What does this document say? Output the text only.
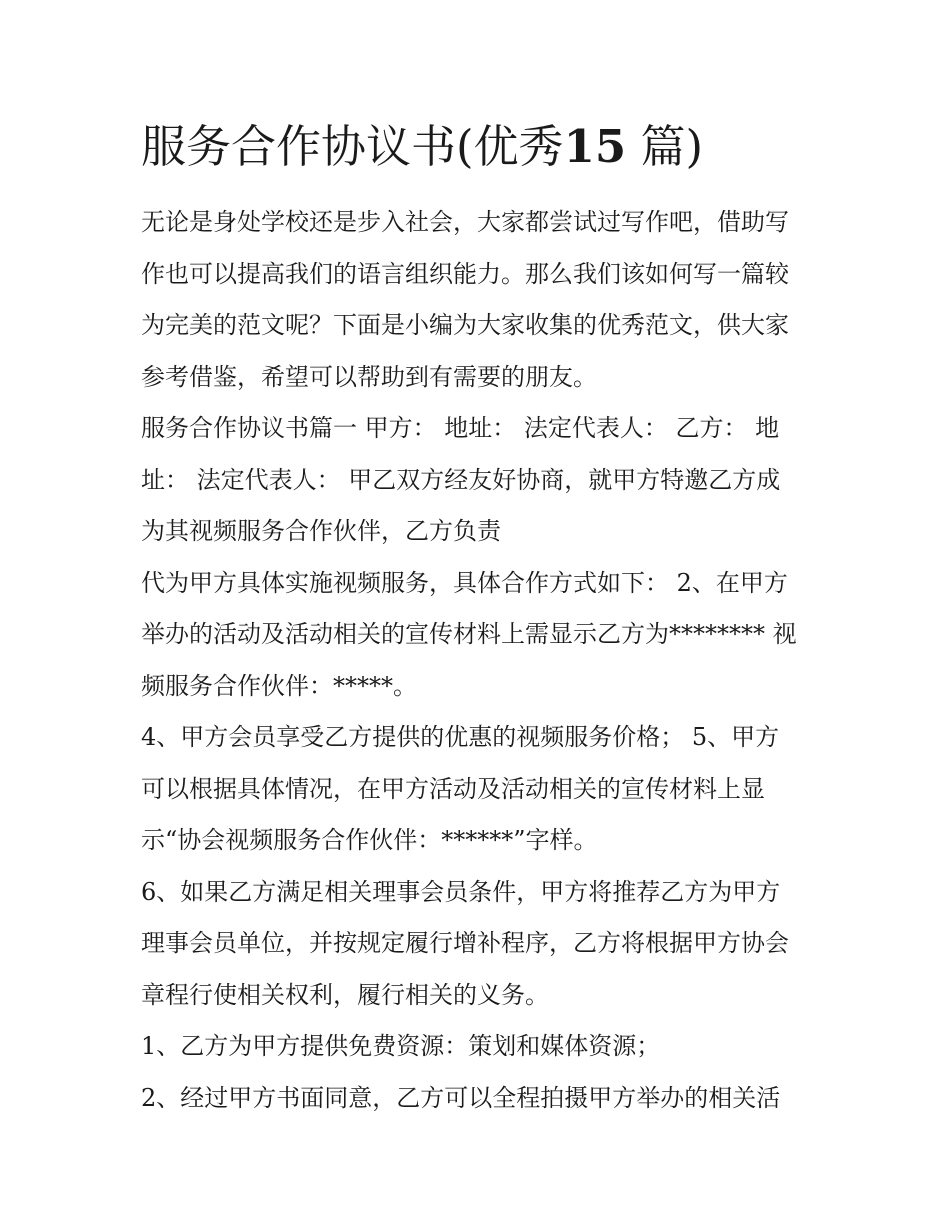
服务合作协议书(优秀15 篇)
无论是身处学校还是步入社会，大家都尝试过写作吧，借助写
作也可以提高我们的语言组织能力。那么我们该如何写一篇较
为完美的范文呢？下面是小编为大家收集的优秀范文，供大家
参考借鉴，希望可以帮助到有需要的朋友。
服务合作协议书篇一 甲方： 地址： 法定代表人： 乙方： 地
址： 法定代表人： 甲乙双方经友好协商，就甲方特邀乙方成
为其视频服务合作伙伴，乙方负责
代为甲方具体实施视频服务，具体合作方式如下： 2、在甲方
举办的活动及活动相关的宣传材料上需显示乙方为******** 视
频服务合作伙伴：*****。
4、甲方会员享受乙方提供的优惠的视频服务价格； 5、甲方
可以根据具体情况，在甲方活动及活动相关的宣传材料上显
示“协会视频服务合作伙伴：******”字样。
6、如果乙方满足相关理事会员条件，甲方将推荐乙方为甲方
理事会员单位，并按规定履行增补程序，乙方将根据甲方协会
章程行使相关权利，履行相关的义务。
1、乙方为甲方提供免费资源：策划和媒体资源；
2、经过甲方书面同意，乙方可以全程拍摄甲方举办的相关活
